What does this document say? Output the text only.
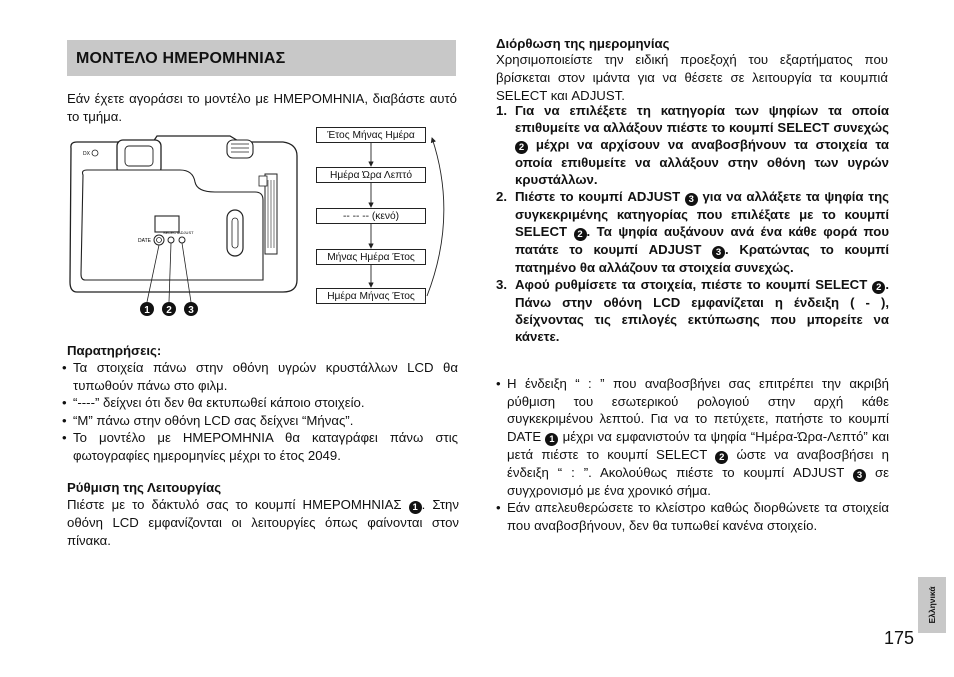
ΜΟΝΤΕΛΟ ΗΜΕΡΟΜΗΝΙΑΣ
Εάν έχετε αγοράσει το μοντέλο με ΗΜΕΡΟΜΗΝΙΑ, διαβάστε αυτό το τμήμα.
DX
DATE
SELECT ADJUST
1 2 3
Έτος Μήνας Ημέρα
Ημέρα Ώρα Λεπτό
-- -- -- (κενό)
Μήνας Ημέρα Έτος
Ημέρα Μήνας Έτος
Παρατηρήσεις:
• Τα στοιχεία πάνω στην οθόνη υγρών κρυστάλλων LCD θα τυπωθούν πάνω στο φιλμ.
• “----” δείχνει ότι δεν θα εκτυπωθεί κάποιο στοιχείο.
• “M” πάνω στην οθόνη LCD σας δείχνει “Μήνας”.
• Το μοντέλο με ΗΜΕΡΟΜΗΝΙΑ θα καταγράφει πάνω στις φωτογραφίες ημερομηνίες μέχρι το έτος 2049.
Ρύθμιση της Λειτουργίας
Πιέστε με το δάκτυλό σας το κουμπί ΗΜΕΡΟΜΗΝΙΑΣ 1 . Στην οθόνη LCD εμφανίζονται οι λειτουργίες όπως φαίνονται στον πίνακα.
Διόρθωση της ημερομηνίας
Χρησιμοποιείστε την ειδική προεξοχή του εξαρτήματος που βρίσκεται στον ιμάντα για να θέσετε σε λειτουργία τα κουμπιά SELECT και ADJUST.
1. Για να επιλέξετε τη κατηγορία των ψηφίων τα οποία επιθυμείτε να αλλάξουν πιέστε το κουμπί SELECT συνεχώς 2 μέχρι να αρχίσουν να αναβοσβήνουν τα στοιχεία τα οποία επιθυμείτε να αλλάξουν στην οθόνη των υγρών κρυστάλλων.
2. Πιέστε το κουμπί ADJUST 3 για να αλλάξετε τα ψηφία της συγκεκριμένης κατηγορίας που επιλέξατε με το κουμπί SELECT 2 . Τα ψηφία αυξάνουν ανά ένα κάθε φορά που πατάτε το κουμπί ADJUST 3 . Κρατώντας το κουμπί πατημένο θα αλλάζουν τα στοιχεία συνεχώς.
3. Αφού ρυθμίσετε τα στοιχεία, πιέστε το κουμπί SELECT 2 . Πάνω στην οθόνη LCD εμφανίζεται η ένδειξη ( - ), δείχνοντας τις επιλογές εκτύπωσης που μπορείτε να κάνετε.
• Η ένδειξη “ : ” που αναβοσβήνει σας επιτρέπει την ακριβή ρύθμιση του εσωτερικού ρολογιού στην αρχή κάθε συγκεκριμένου λεπτού. Για να το πετύχετε, πατήστε το κουμπί DATE 1 μέχρι να εμφανιστούν τα ψηφία “Ημέρα-Ώρα-Λεπτό” και μετά πιέστε το κουμπί SELECT 2 ώστε να αναβοσβήσει η ένδειξη “ : ”. Ακολούθως πιέστε το κουμπί ADJUST 3 σε συγχρονισμό με ένα χρονικό σήμα.
• Εάν απελευθερώσετε το κλείστρο καθώς διορθώνετε τα στοιχεία που αναβοσβήνουν, δεν θα τυπωθεί κανένα στοιχείο.
Ελληνικά
175
